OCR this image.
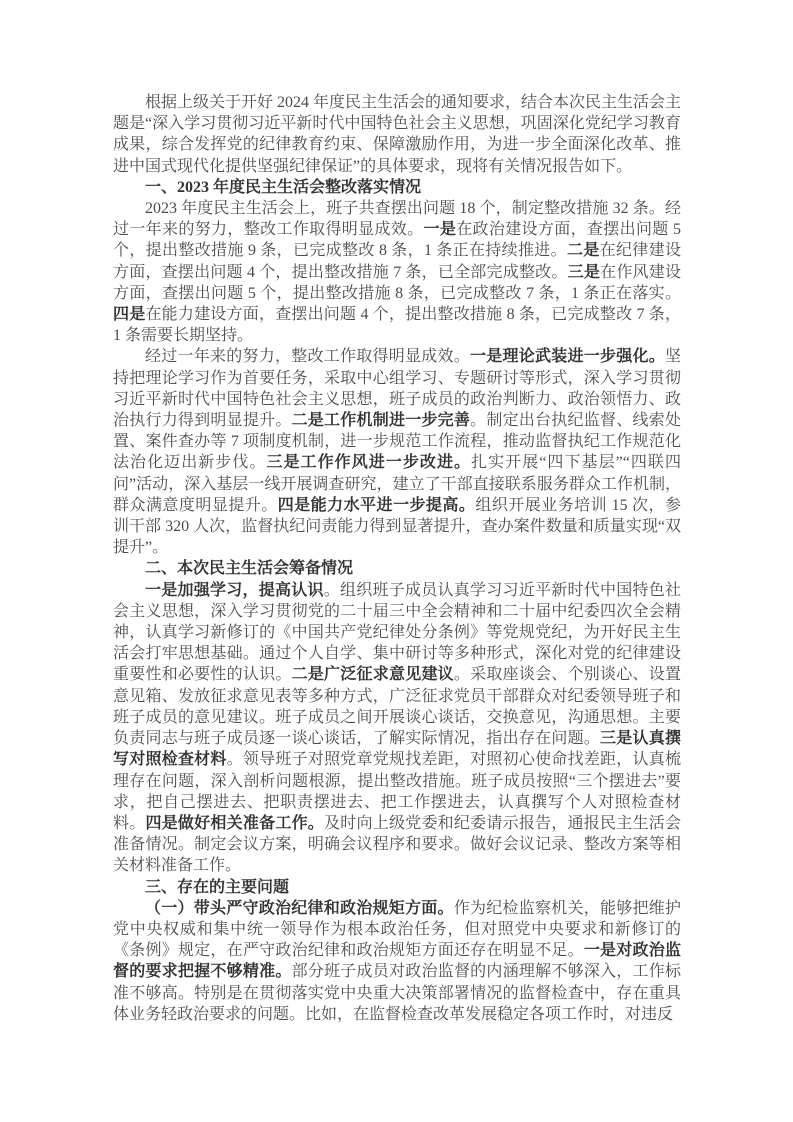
根据上级关于开好 2024 年度民主生活会的通知要求，结合本次民主生活会主题是“深入学习贯彻习近平新时代中国特色社会主义思想，巩固深化党纪学习教育成果，综合发挥党的纪律教育约束、保障激励作用，为进一步全面深化改革、推进中国式现代化提供坚强纪律保证”的具体要求，现将有关情况报告如下。

一、2023 年度民主生活会整改落实情况

2023 年度民主生活会上，班子共查摆出问题 18 个，制定整改措施 32 条。经过一年来的努力，整改工作取得明显成效。一是在政治建设方面，查摆出问题 5 个，提出整改措施 9 条，已完成整改 8 条，1 条正在持续推进。二是在纪律建设方面，查摆出问题 4 个，提出整改措施 7 条，已全部完成整改。三是在作风建设方面，查摆出问题 5 个，提出整改措施 8 条，已完成整改 7 条，1 条正在落实。四是在能力建设方面，查摆出问题 4 个，提出整改措施 8 条，已完成整改 7 条，1 条需要长期坚持。

经过一年来的努力，整改工作取得明显成效。一是理论武装进一步强化。坚持把理论学习作为首要任务，采取中心组学习、专题研讨等形式，深入学习贯彻习近平新时代中国特色社会主义思想，班子成员的政治判断力、政治领悟力、政治执行力得到明显提升。二是工作机制进一步完善。制定出台执纪监督、线索处置、案件查办等 7 项制度机制，进一步规范工作流程，推动监督执纪工作规范化法治化迈出新步伐。三是工作作风进一步改进。扎实开展“四下基层”“四联四问”活动，深入基层一线开展调查研究，建立了干部直接联系服务群众工作机制，群众满意度明显提升。四是能力水平进一步提高。组织开展业务培训 15 次，参训干部 320 人次，监督执纪问责能力得到显著提升，查办案件数量和质量实现“双提升”。

二、本次民主生活会筹备情况

一是加强学习，提高认识。组织班子成员认真学习习近平新时代中国特色社会主义思想，深入学习贯彻党的二十届三中全会精神和二十届中纪委四次全会精神，认真学习新修订的《中国共产党纪律处分条例》等党规党纪，为开好民主生活会打牢思想基础。通过个人自学、集中研讨等多种形式，深化对党的纪律建设重要性和必要性的认识。二是广泛征求意见建议。采取座谈会、个别谈心、设置意见箱、发放征求意见表等多种方式，广泛征求党员干部群众对纪委领导班子和班子成员的意见建议。班子成员之间开展谈心谈话，交换意见，沟通思想。主要负责同志与班子成员逐一谈心谈话，了解实际情况，指出存在问题。三是认真撰写对照检查材料。领导班子对照党章党规找差距，对照初心使命找差距，认真梳理存在问题，深入剖析问题根源，提出整改措施。班子成员按照“三个摆进去”要求，把自己摆进去、把职责摆进去、把工作摆进去，认真撰写个人对照检查材料。四是做好相关准备工作。及时向上级党委和纪委请示报告，通报民主生活会准备情况。制定会议方案，明确会议程序和要求。做好会议记录、整改方案等相关材料准备工作。

三、存在的主要问题

（一）带头严守政治纪律和政治规矩方面。作为纪检监察机关，能够把维护党中央权威和集中统一领导作为根本政治任务，但对照党中央要求和新修订的《条例》规定，在严守政治纪律和政治规矩方面还存在明显不足。一是对政治监督的要求把握不够精准。部分班子成员对政治监督的内涵理解不够深入，工作标准不够高。特别是在贯彻落实党中央重大决策部署情况的监督检查中，存在重具体业务轻政治要求的问题。比如，在监督检查改革发展稳定各项工作时，对违反
